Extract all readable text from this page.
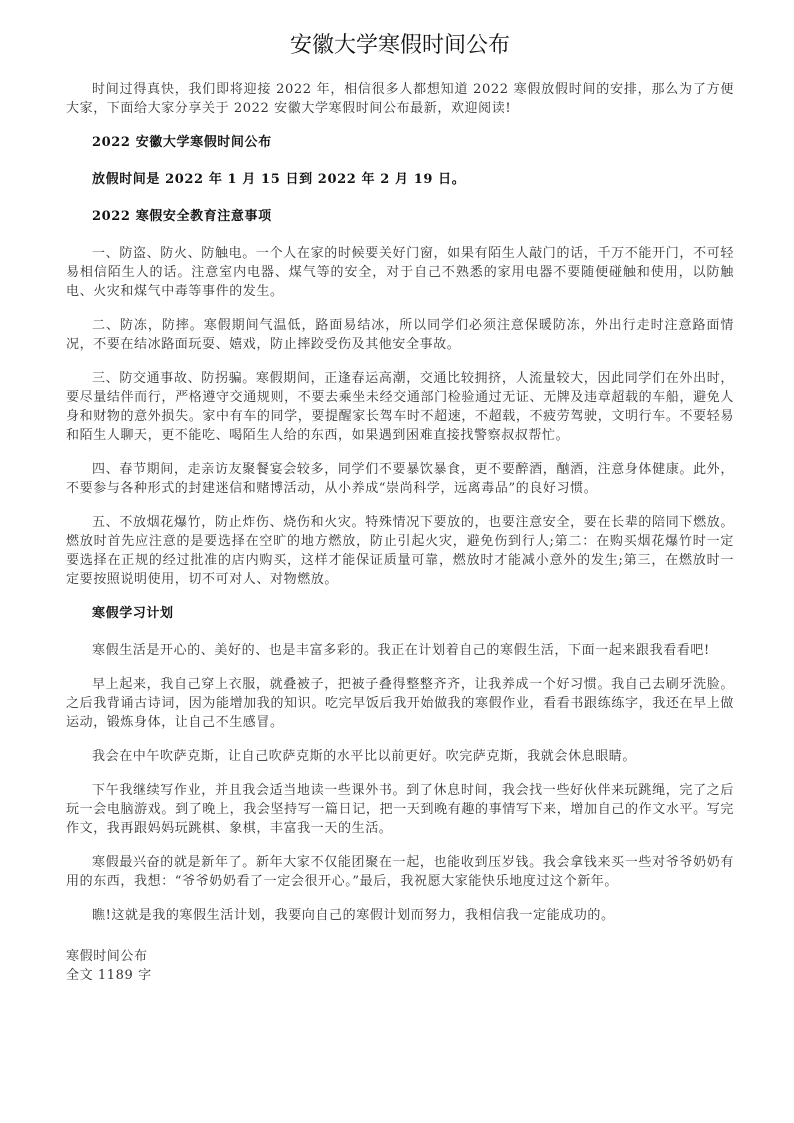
安徽大学寒假时间公布

时间过得真快，我们即将迎接 2022 年，相信很多人都想知道 2022 寒假放假时间的安排，那么为了方便大家，下面给大家分享关于 2022 安徽大学寒假时间公布最新，欢迎阅读!

2022 安徽大学寒假时间公布

放假时间是 2022 年 1 月 15 日到 2022 年 2 月 19 日。

2022 寒假安全教育注意事项

一、防盗、防火、防触电。一个人在家的时候要关好门窗，如果有陌生人敲门的话，千万不能开门，不可轻易相信陌生人的话。注意室内电器、煤气等的安全，对于自己不熟悉的家用电器不要随便碰触和使用，以防触电、火灾和煤气中毒等事件的发生。

二、防冻，防摔。寒假期间气温低，路面易结冰，所以同学们必须注意保暖防冻，外出行走时注意路面情况，不要在结冰路面玩耍、嬉戏，防止摔跤受伤及其他安全事故。

三、防交通事故、防拐骗。寒假期间，正逢春运高潮，交通比较拥挤，人流量较大，因此同学们在外出时，要尽量结伴而行，严格遵守交通规则，不要去乘坐未经交通部门检验通过无证、无牌及违章超载的车船，避免人身和财物的意外损失。家中有车的同学，要提醒家长驾车时不超速，不超载，不疲劳驾驶，文明行车。不要轻易和陌生人聊天，更不能吃、喝陌生人给的东西，如果遇到困难直接找警察叔叔帮忙。

四、春节期间，走亲访友聚餐宴会较多，同学们不要暴饮暴食，更不要醉酒，酗酒，注意身体健康。此外，不要参与各种形式的封建迷信和赌博活动，从小养成“崇尚科学，远离毒品”的良好习惯。

五、不放烟花爆竹，防止炸伤、烧伤和火灾。特殊情况下要放的，也要注意安全，要在长辈的陪同下燃放。燃放时首先应注意的是要选择在空旷的地方燃放，防止引起火灾，避免伤到行人;第二：在购买烟花爆竹时一定要选择在正规的经过批准的店内购买，这样才能保证质量可靠，燃放时才能减小意外的发生;第三，在燃放时一定要按照说明使用，切不可对人、对物燃放。

寒假学习计划

寒假生活是开心的、美好的、也是丰富多彩的。我正在计划着自己的寒假生活，下面一起来跟我看看吧!

早上起来，我自己穿上衣服，就叠被子，把被子叠得整整齐齐，让我养成一个好习惯。我自己去刷牙洗脸。之后我背诵古诗词，因为能增加我的知识。吃完早饭后我开始做我的寒假作业，看看书跟练练字，我还在早上做运动，锻炼身体，让自己不生感冒。

我会在中午吹萨克斯，让自己吹萨克斯的水平比以前更好。吹完萨克斯，我就会休息眼睛。

下午我继续写作业，并且我会适当地读一些课外书。到了休息时间，我会找一些好伙伴来玩跳绳，完了之后玩一会电脑游戏。到了晚上，我会坚持写一篇日记，把一天到晚有趣的事情写下来，增加自己的作文水平。写完作文，我再跟妈妈玩跳棋、象棋，丰富我一天的生活。

寒假最兴奋的就是新年了。新年大家不仅能团聚在一起，也能收到压岁钱。我会拿钱来买一些对爷爷奶奶有用的东西，我想：“爷爷奶奶看了一定会很开心。”最后，我祝愿大家能快乐地度过这个新年。

瞧!这就是我的寒假生活计划，我要向自己的寒假计划而努力，我相信我一定能成功的。

寒假时间公布

全文 1189 字
